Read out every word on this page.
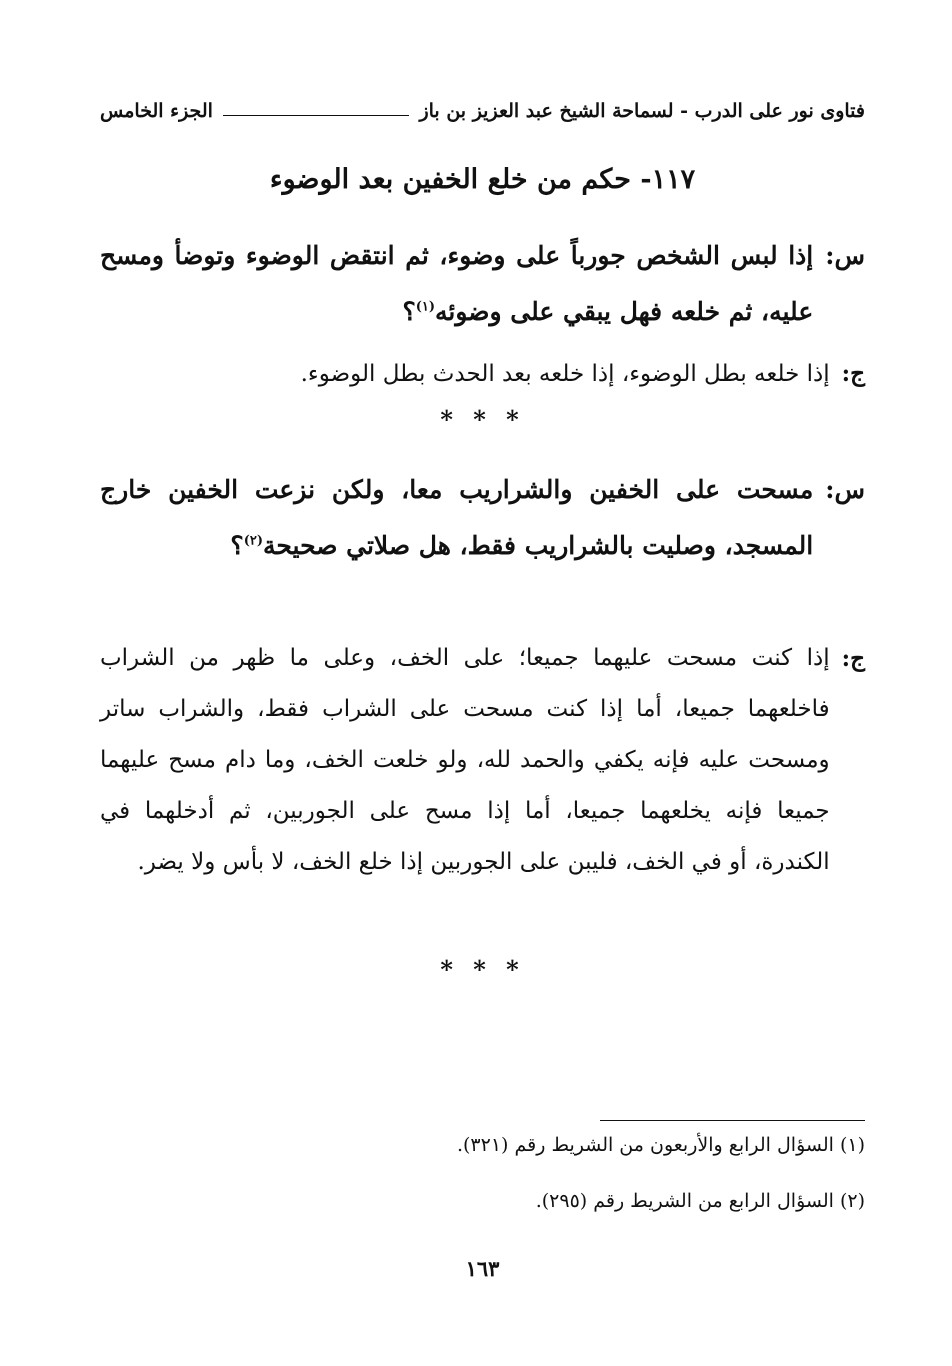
فتاوى نور على الدرب - لسماحة الشيخ عبد العزيز بن باز
الجزء الخامس
١١٧- حكم من خلع الخفين بعد الوضوء
س:
إذا لبس الشخص جورباً على وضوء، ثم انتقض الوضوء وتوضأ ومسح عليه، ثم خلعه فهل يبقي على وضوئه$^{(١)}$؟
ج:
إذا خلعه بطل الوضوء، إذا خلعه بعد الحدث بطل الوضوء.
* * *
س:
مسحت على الخفين والشراريب معا، ولكن نزعت الخفين خارج المسجد، وصليت بالشراريب فقط، هل صلاتي صحيحة$^{(٢)}$؟
ج:
إذا كنت مسحت عليهما جميعا؛ على الخف، وعلى ما ظهر من الشراب فاخلعهما جميعا، أما إذا كنت مسحت على الشراب فقط، والشراب ساتر ومسحت عليه فإنه يكفي والحمد لله، ولو خلعت الخف، وما دام مسح عليهما جميعا فإنه يخلعهما جميعا، أما إذا مسح على الجوربين، ثم أدخلهما في الكندرة، أو في الخف، فليبن على الجوربين إذا خلع الخف، لا بأس ولا يضر.
* * *
(١) السؤال الرابع والأربعون من الشريط رقم (٣٢١).
(٢) السؤال الرابع من الشريط رقم (٢٩٥).
١٦٣
